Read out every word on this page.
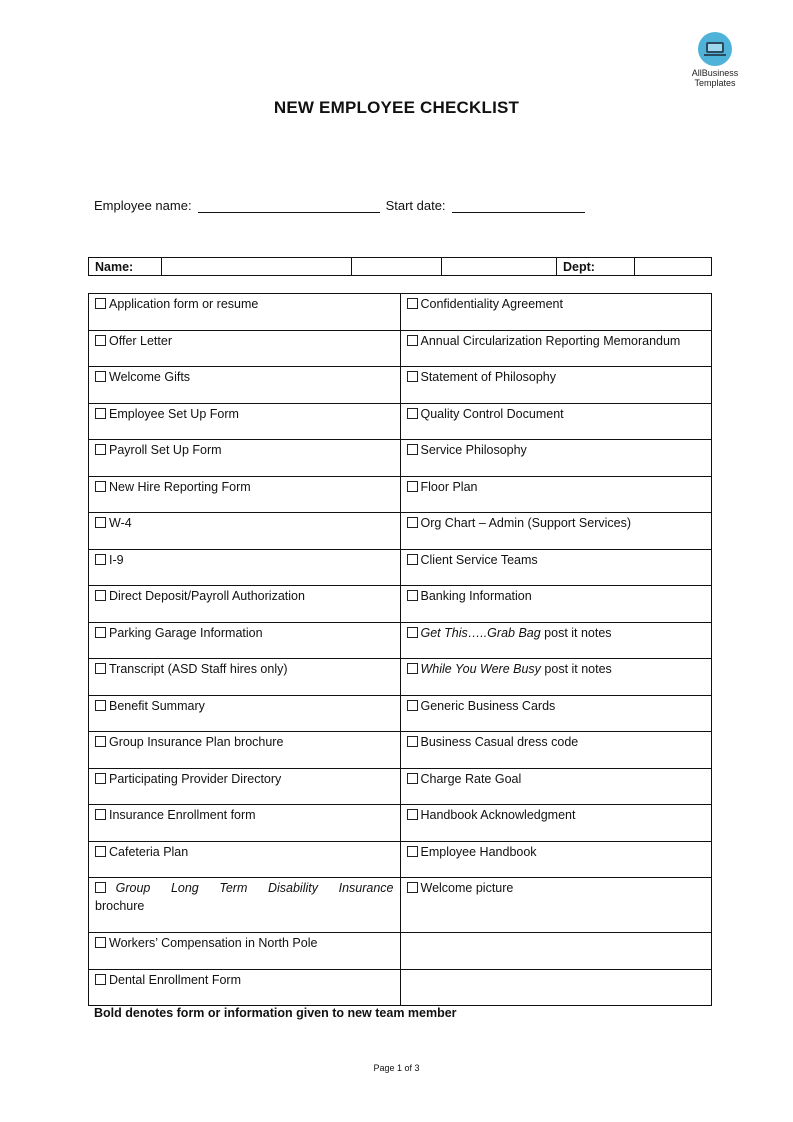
AllBusiness
Templates
NEW EMPLOYEE CHECKLIST
Employee name:	Start date:
Name:				Dept:	
Application form or resume	Confidentiality Agreement
Offer Letter	Annual Circularization Reporting Memorandum
Welcome Gifts	Statement of Philosophy
Employee Set Up Form	Quality Control Document
Payroll Set Up Form	Service Philosophy
New Hire Reporting Form	Floor Plan
W-4	Org Chart – Admin (Support Services)
I-9	Client Service Teams
Direct Deposit/Payroll Authorization	Banking Information
Parking Garage Information	Get This…..Grab Bag post it notes
Transcript (ASD Staff hires only)	While You Were Busy post it notes
Benefit Summary	Generic Business Cards
Group Insurance Plan brochure	Business Casual dress code
Participating Provider Directory	Charge Rate Goal
Insurance Enrollment form	Handbook Acknowledgment
Cafeteria Plan	Employee Handbook
Group Long Term Disability Insurance brochure	Welcome picture
Workers’ Compensation in North Pole	
Dental Enrollment Form	
Bold denotes form or information given to new team member
Page 1 of 3
